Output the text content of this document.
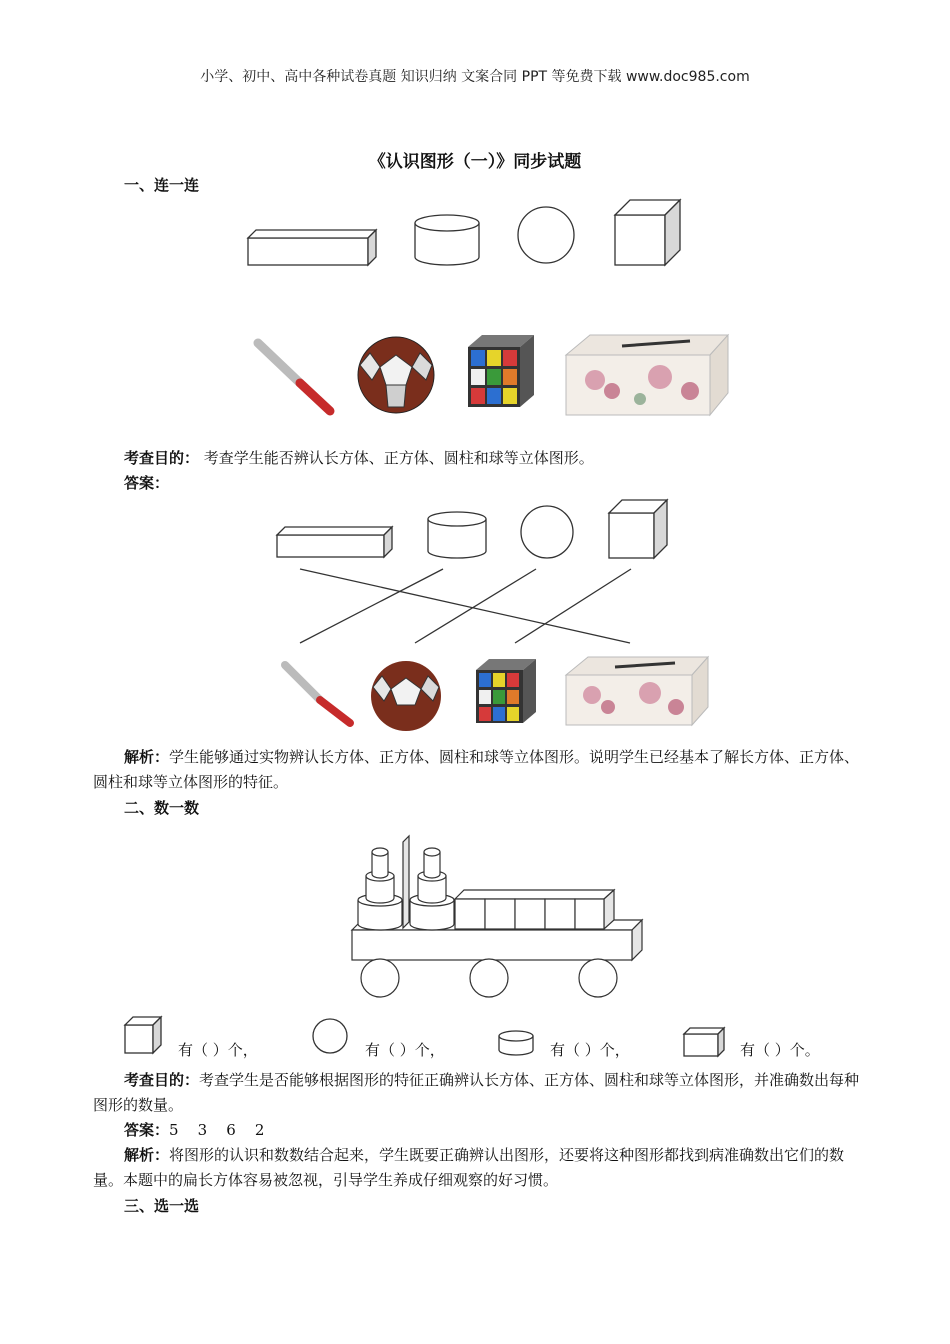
小学、初中、高中各种试卷真题 知识归纳 文案合同 PPT 等免费下载 www.doc985.com
《认识图形（一）》同步试题
一、连一连
考查目的： 考查学生能否辨认长方体、正方体、圆柱和球等立体图形。
答案：
解析：学生能够通过实物辨认长方体、正方体、圆柱和球等立体图形。说明学生已经基本了解长方体、正方体、圆柱和球等立体图形的特征。
二、数一数
有（ ）个，	有（ ）个，	有（ ）个，	有（ ）个。
考查目的：考查学生是否能够根据图形的特征正确辨认长方体、正方体、圆柱和球等立体图形，并准确数出每种图形的数量。
答案：5    3    6    2
解析：将图形的认识和数数结合起来，学生既要正确辨认出图形，还要将这种图形都找到病准确数出它们的数量。本题中的扁长方体容易被忽视，引导学生养成仔细观察的好习惯。
三、选一选
